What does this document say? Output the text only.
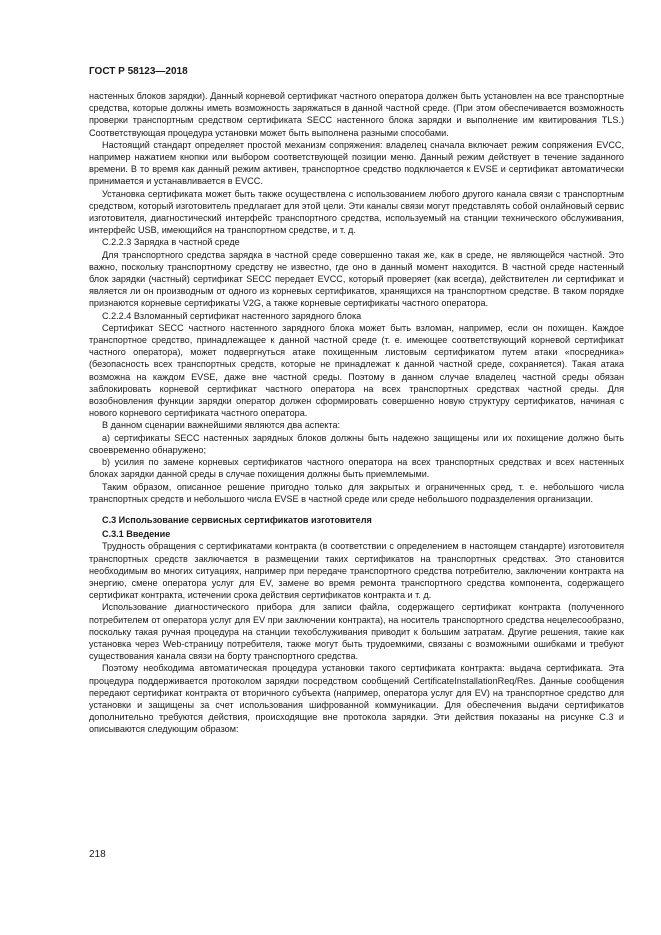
ГОСТ Р 58123—2018

настенных блоков зарядки). Данный корневой сертификат частного оператора должен быть установлен на все транспортные средства, которые должны иметь возможность заряжаться в данной частной среде. (При этом обеспечивается возможность проверки транспортным средством сертификата SECC настенного блока зарядки и выполнение им квитирования TLS.) Соответствующая процедура установки может быть выполнена разными способами.

Настоящий стандарт определяет простой механизм сопряжения: владелец сначала включает режим сопряжения EVCC, например нажатием кнопки или выбором соответствующей позиции меню. Данный режим действует в течение заданного времени. В то время как данный режим активен, транспортное средство подключается к EVSE и сертификат автоматически принимается и устанавливается в EVCC.

Установка сертификата может быть также осуществлена с использованием любого другого канала связи с транспортным средством, который изготовитель предлагает для этой цели. Эти каналы связи могут представлять собой онлайновый сервис изготовителя, диагностический интерфейс транспортного средства, используемый на станции технического обслуживания, интерфейс USB, имеющийся на транспортном средстве, и т. д.

C.2.2.3 Зарядка в частной среде

Для транспортного средства зарядка в частной среде совершенно такая же, как в среде, не являющейся частной. Это важно, поскольку транспортному средству не известно, где оно в данный момент находится. В частной среде настенный блок зарядки (частный) сертификат SECC передает EVCC, который проверяет (как всегда), действителен ли сертификат и является ли он производным от одного из корневых сертификатов, хранящихся на транспортном средстве. В таком порядке признаются корневые сертификаты V2G, а также корневые сертификаты частного оператора.

C.2.2.4 Взломанный сертификат настенного зарядного блока

Сертификат SECC частного настенного зарядного блока может быть взломан, например, если он похищен. Каждое транспортное средство, принадлежащее к данной частной среде (т. е. имеющее соответствующий корневой сертификат частного оператора), может подвергнуться атаке похищенным листовым сертификатом путем атаки «посредника» (безопасность всех транспортных средств, которые не принадлежат к данной частной среде, сохраняется). Такая атака возможна на каждом EVSE, даже вне частной среды. Поэтому в данном случае владелец частной среды обязан заблокировать корневой сертификат частного оператора на всех транспортных средствах частной среды. Для возобновления функции зарядки оператор должен сформировать совершенно новую структуру сертификатов, начиная с нового корневого сертификата частного оператора.

В данном сценарии важнейшими являются два аспекта:

a) сертификаты SECC настенных зарядных блоков должны быть надежно защищены или их похищение должно быть своевременно обнаружено;

b) усилия по замене корневых сертификатов частного оператора на всех транспортных средствах и всех настенных блоках зарядки данной среды в случае похищения должны быть приемлемыми.

Таким образом, описанное решение пригодно только для закрытых и ограниченных сред, т. е. небольшого числа транспортных средств и небольшого числа EVSE в частной среде или среде небольшого подразделения организации.

C.3 Использование сервисных сертификатов изготовителя

C.3.1 Введение

Трудность обращения с сертификатами контракта (в соответствии с определением в настоящем стандарте) изготовителя транспортных средств заключается в размещении таких сертификатов на транспортных средствах. Это становится необходимым во многих ситуациях, например при передаче транспортного средства потребителю, заключении контракта на энергию, смене оператора услуг для EV, замене во время ремонта транспортного средства компонента, содержащего сертификат контракта, истечении срока действия сертификатов контракта и т. д.

Использование диагностического прибора для записи файла, содержащего сертификат контракта (полученного потребителем от оператора услуг для EV при заключении контракта), на носитель транспортного средства нецелесообразно, поскольку такая ручная процедура на станции техобслуживания приводит к большим затратам. Другие решения, такие как установка через Web-страницу потребителя, также могут быть трудоемкими, связаны с возможными ошибками и требуют существования канала связи на борту транспортного средства.

Поэтому необходима автоматическая процедура установки такого сертификата контракта: выдача сертификата. Эта процедура поддерживается протоколом зарядки посредством сообщений CertificateInstallationReq/Res. Данные сообщения передают сертификат контракта от вторичного субъекта (например, оператора услуг для EV) на транспортное средство для установки и защищены за счет использования шифрованной коммуникации. Для обеспечения выдачи сертификатов дополнительно требуются действия, происходящие вне протокола зарядки. Эти действия показаны на рисунке C.3 и описываются следующим образом:

218
